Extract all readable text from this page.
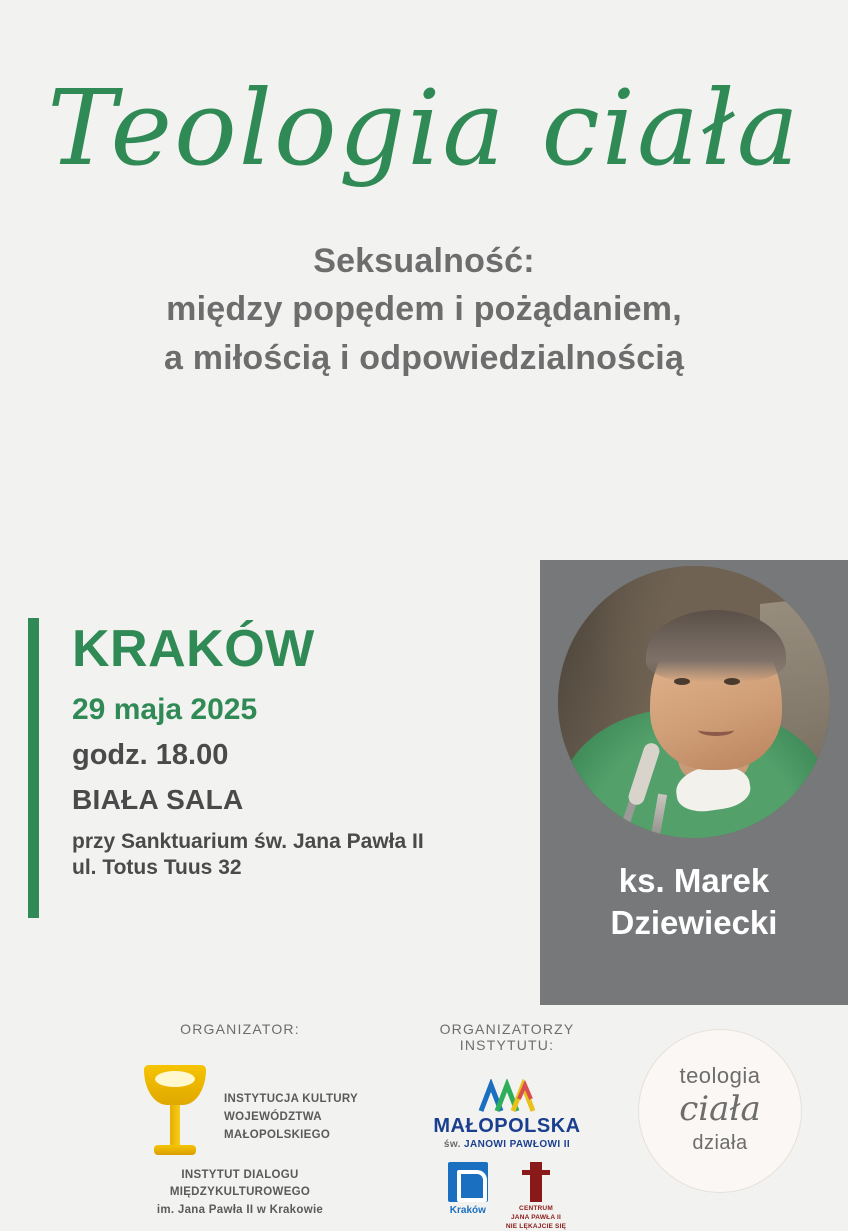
Teologia ciała
Seksualność:
między popędem i pożądaniem,
a miłością i odpowiedzialnością
KRAKÓW
29 maja 2025
godz. 18.00
BIAŁA SALA
przy Sanktuarium św. Jana Pawła II
ul. Totus Tuus 32	ks. Marek
Dziewiecki
ORGANIZATOR:
INSTYTUCJA KULTURY
WOJEWÓDZTWA
MAŁOPOLSKIEGO
INSTYTUT DIALOGU
MIĘDZYKULTUROWEGO
im. Jana Pawła II w Krakowie
ORGANIZATORZY INSTYTUTU:
MAŁOPOLSKA
św. JANOWI PAWŁOWI II
Kraków	CENTRUM
JANA PAWŁA II
NIE LĘKAJCIE SIĘ
teologia
ciała
działa
